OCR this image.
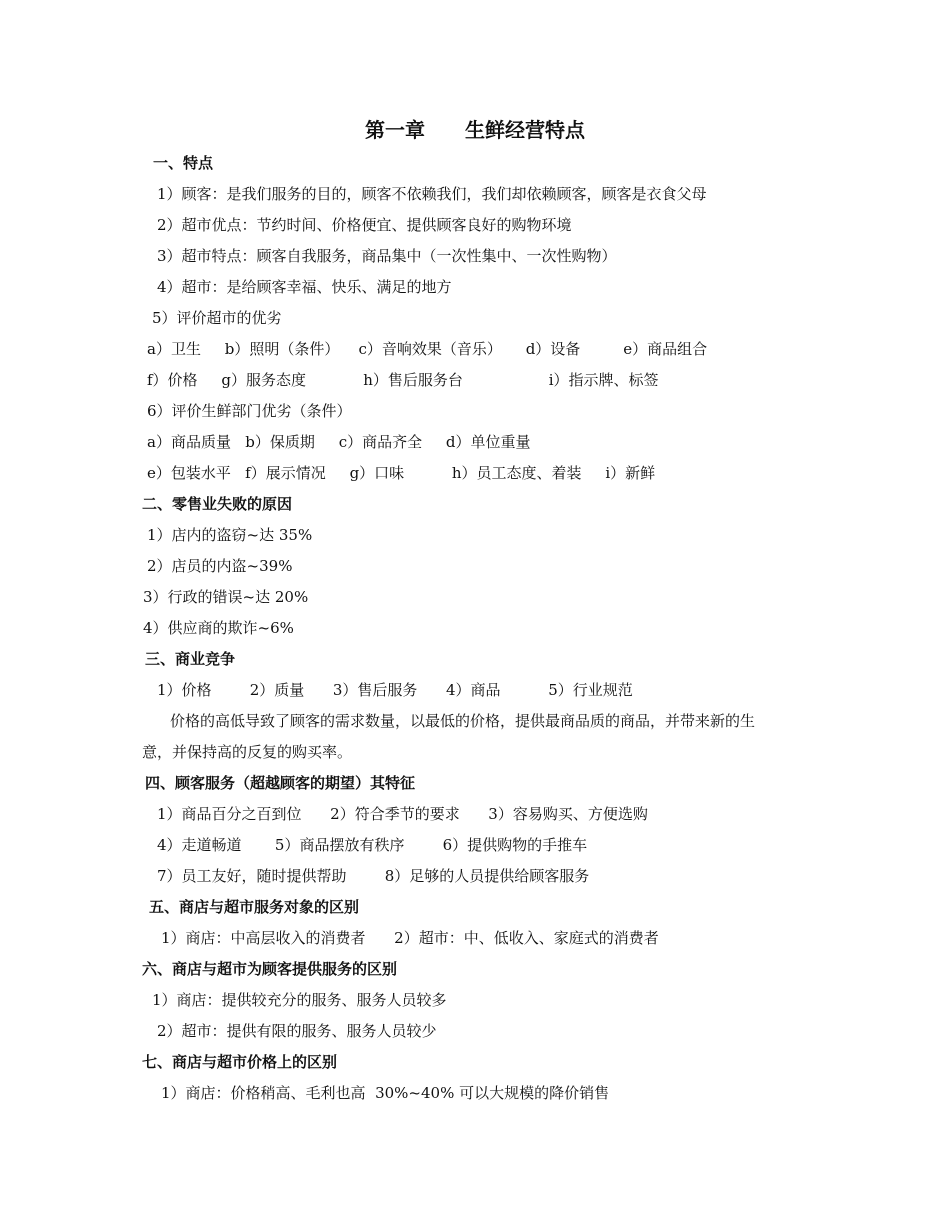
第一章　　生鲜经营特点
一、特点
1）顾客：是我们服务的目的，顾客不依赖我们，我们却依赖顾客，顾客是衣食父母
2）超市优点：节约时间、价格便宜、提供顾客良好的购物环境
3）超市特点：顾客自我服务，商品集中（一次性集中、一次性购物）
4）超市：是给顾客幸福、快乐、满足的地方
5）评价超市的优劣
a）卫生     b）照明（条件）    c）音响效果（音乐）     d）设备         e）商品组合
f）价格     g）服务态度            h）售后服务台                  i）指示牌、标签
6）评价生鲜部门优劣（条件）
a）商品质量   b）保质期     c）商品齐全     d）单位重量
e）包装水平   f）展示情况     g）口味          h）员工态度、着装     i）新鲜
二、零售业失败的原因
1）店内的盗窃~达 35%
2）店员的内盗~39%
3）行政的错误~达 20%
4）供应商的欺诈~6%
三、商业竞争
1）价格        2）质量      3）售后服务      4）商品          5）行业规范
价格的高低导致了顾客的需求数量，以最低的价格，提供最商品质的商品，并带来新的生
意，并保持高的反复的购买率。
四、顾客服务（超越顾客的期望）其特征
1）商品百分之百到位      2）符合季节的要求      3）容易购买、方便选购
4）走道畅道       5）商品摆放有秩序        6）提供购物的手推车
7）员工友好，随时提供帮助        8）足够的人员提供给顾客服务
五、商店与超市服务对象的区别
1）商店：中高层收入的消费者      2）超市：中、低收入、家庭式的消费者
六、商店与超市为顾客提供服务的区别
1）商店：提供较充分的服务、服务人员较多
2）超市：提供有限的服务、服务人员较少
七、商店与超市价格上的区别
1）商店：价格稍高、毛利也高  30%~40% 可以大规模的降价销售
